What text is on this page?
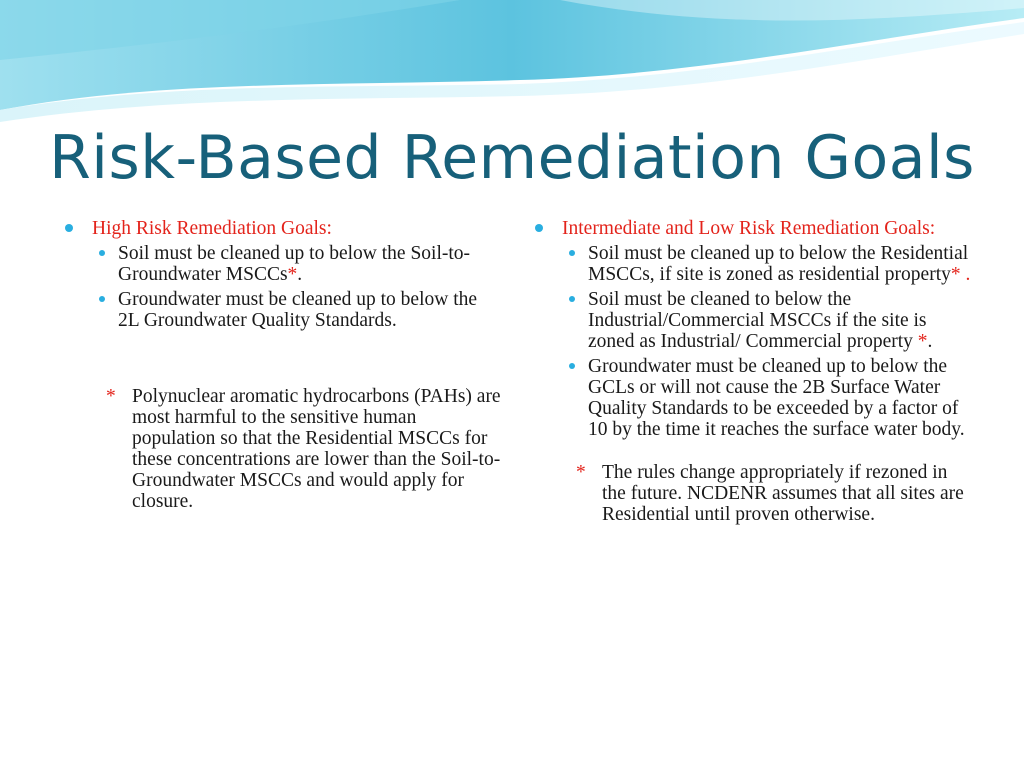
Risk-Based Remediation Goals
High Risk Remediation Goals:
Soil must be cleaned up to below the Soil-to-Groundwater MSCCs*.
Groundwater must be cleaned up to below the 2L Groundwater Quality Standards.
* Polynuclear aromatic hydrocarbons (PAHs) are most harmful to the sensitive human population so that the Residential MSCCs for these concentrations are lower than the Soil-to-Groundwater MSCCs and would apply for closure.
Intermediate and Low Risk Remediation Goals:
Soil must be cleaned up to below the Residential MSCCs, if site is zoned as residential property* .
Soil must be cleaned to below the Industrial/Commercial MSCCs if the site is zoned as Industrial/ Commercial property *.
Groundwater must be cleaned up to below the GCLs or will not cause the 2B Surface Water Quality Standards to be exceeded by a factor of 10 by the time it reaches the surface water body.
* The rules change appropriately if rezoned in the future. NCDENR assumes that all sites are Residential until proven otherwise.
